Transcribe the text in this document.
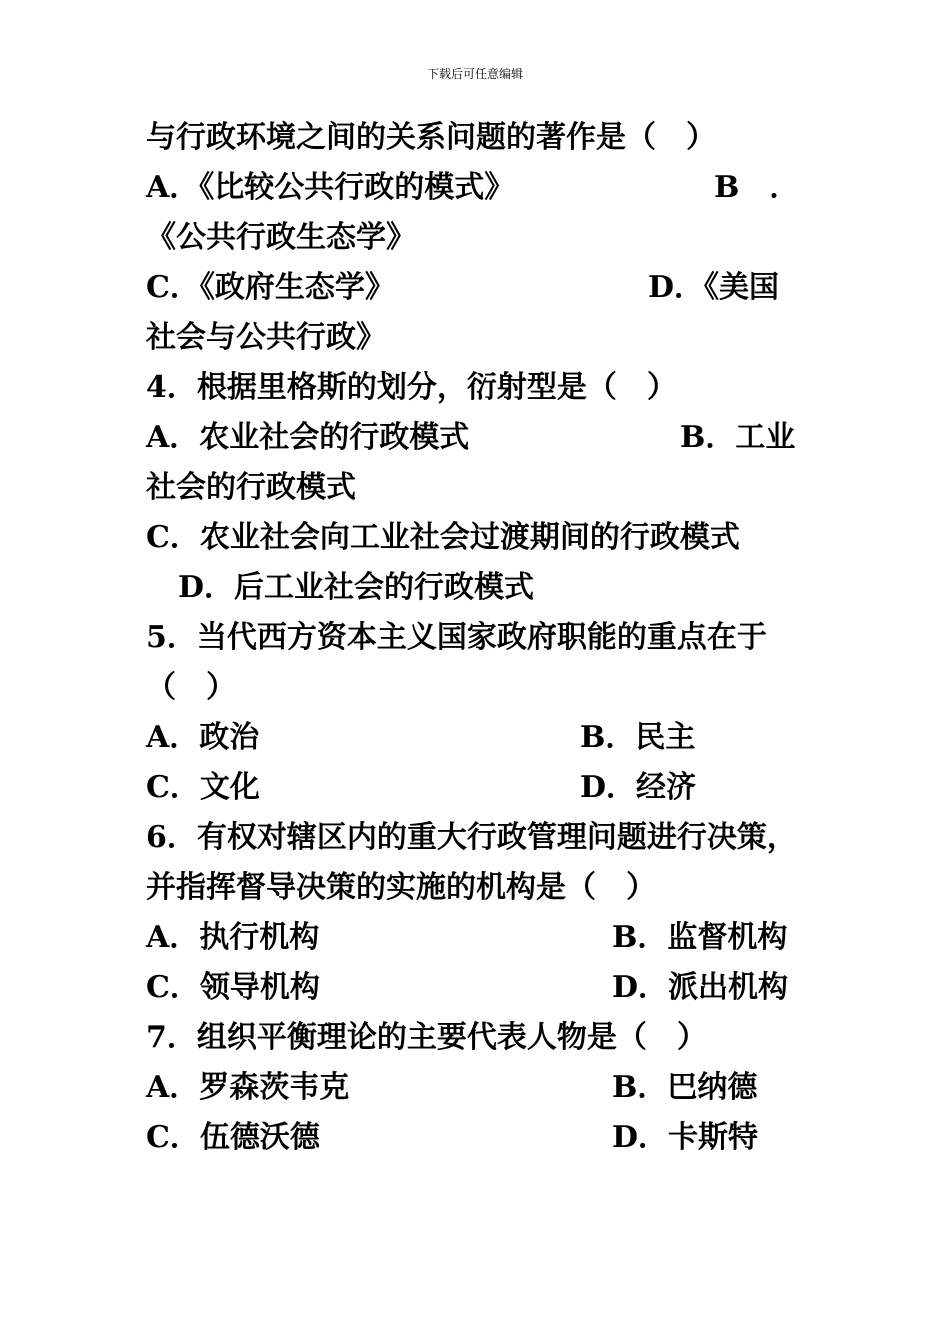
下载后可任意编辑
与行政环境之间的关系问题的著作是（　）
A．《比较公共行政的模式》	B　．
《公共行政生态学》
C．《政府生态学》	D．《美国
社会与公共行政》
4．根据里格斯的划分，衍射型是（　）
A．农业社会的行政模式	B．工业
社会的行政模式
C．农业社会向工业社会过渡期间的行政模式
D．后工业社会的行政模式
5．当代西方资本主义国家政府职能的重点在于
（　）
A．政治	B．民主
C．文化	D．经济
6．有权对辖区内的重大行政管理问题进行决策，
并指挥督导决策的实施的机构是（　）
A．执行机构	B．监督机构
C．领导机构	D．派出机构
7．组织平衡理论的主要代表人物是（　）
A．罗森茨韦克	B．巴纳德
C．伍德沃德	D．卡斯特
